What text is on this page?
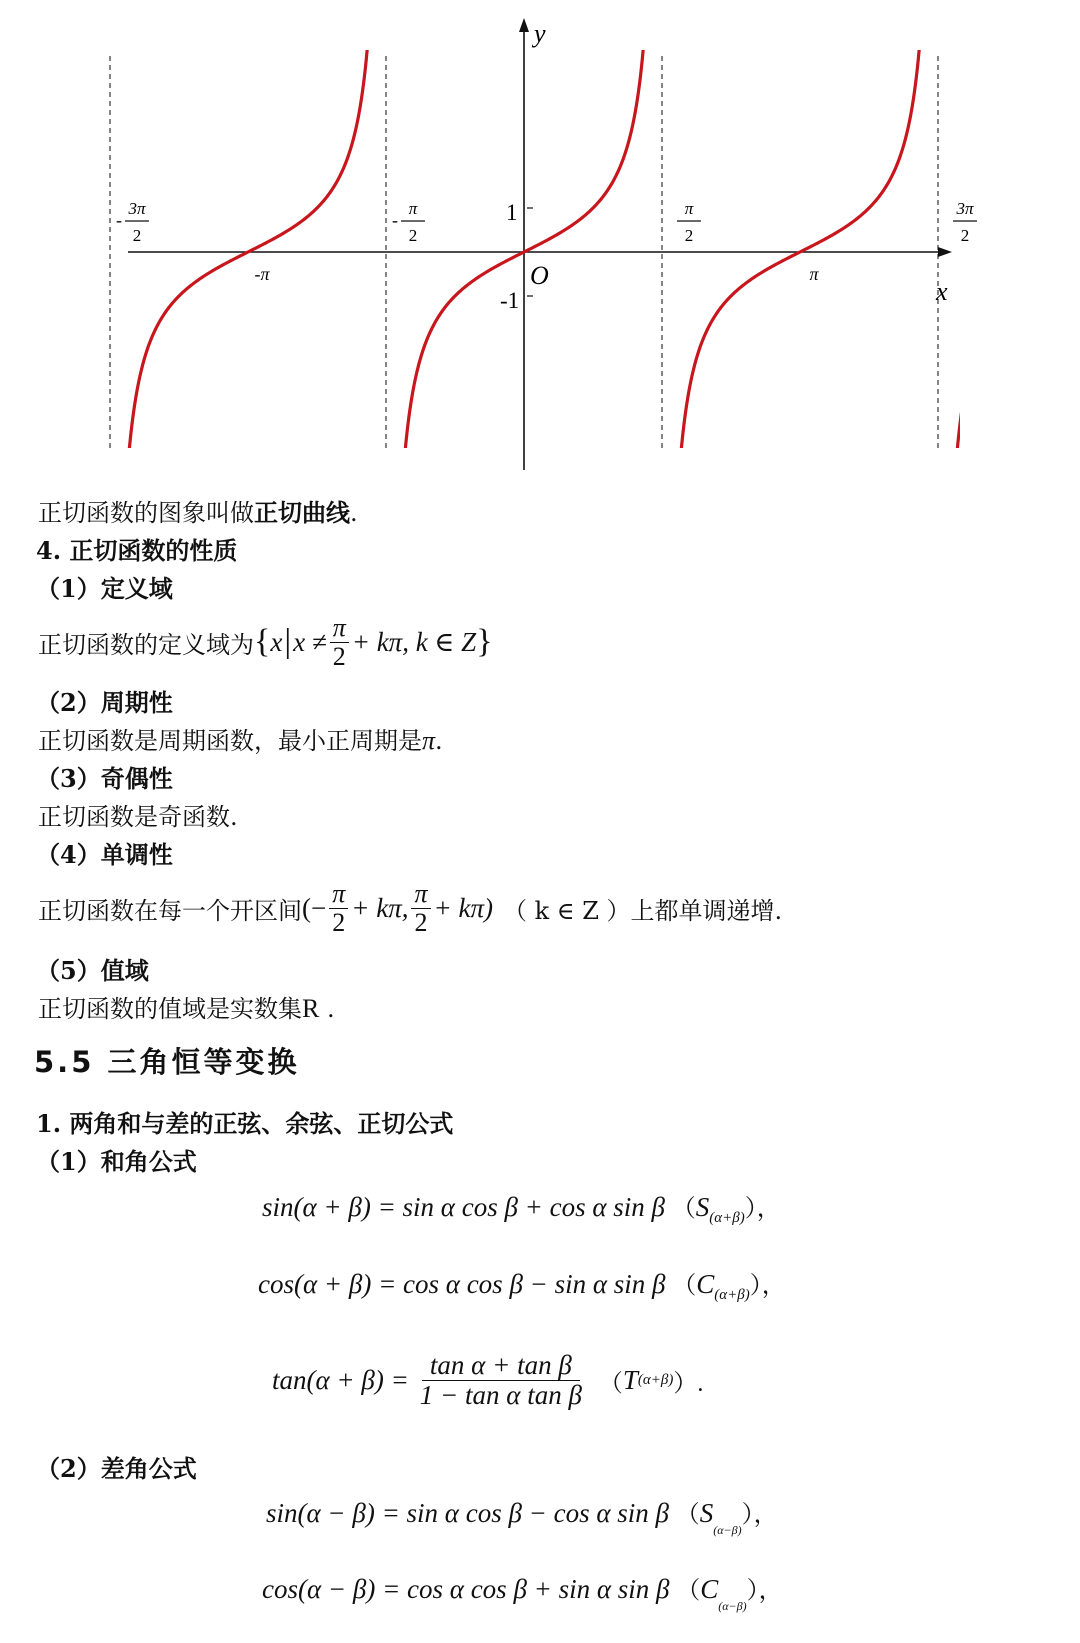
-
3π
2
-
π
2
π
2
3π
2
-π	π
x
y
O
1
-1
正切函数的图象叫做正切曲线.
4. 正切函数的性质
（1）定义域
正切函数的定义域为 { x | $x \ne \frac{\pi}{2} + k\pi$, k ∈ Z }
（2）周期性
正切函数是周期函数，最小正周期是π.
（3）奇偶性
正切函数是奇函数.
（4）单调性
正切函数在每一个开区间 (− $\frac{\pi}{2} + k\pi$, $\frac{\pi}{2} + k\pi$) （ k ∈ Z ） 上都单调递增.
（5）值域
正切函数的值域是实数集R .
5.5 三角恒等变换
1. 两角和与差的正弦、余弦、正切公式
（1）和角公式
sin(α + β) = sin α cos β + cos α sin β $(S_{(\alpha+\beta)})$，
cos(α + β) = cos α cos β − sin α sin β $(C_{(\alpha+\beta)})$，
$\tan(\alpha + \beta) = \frac{\text{tan α + tan β}}{\text{1 − tan α tan β}}$ （ T (α+β) ）.
（2）差角公式
sin(α − β) = sin α cos β − cos α sin β $(S_{(\alpha-\beta)})$，
cos(α − β) = cos α cos β + sin α sin β $(C_{(\alpha-\beta)})$，
